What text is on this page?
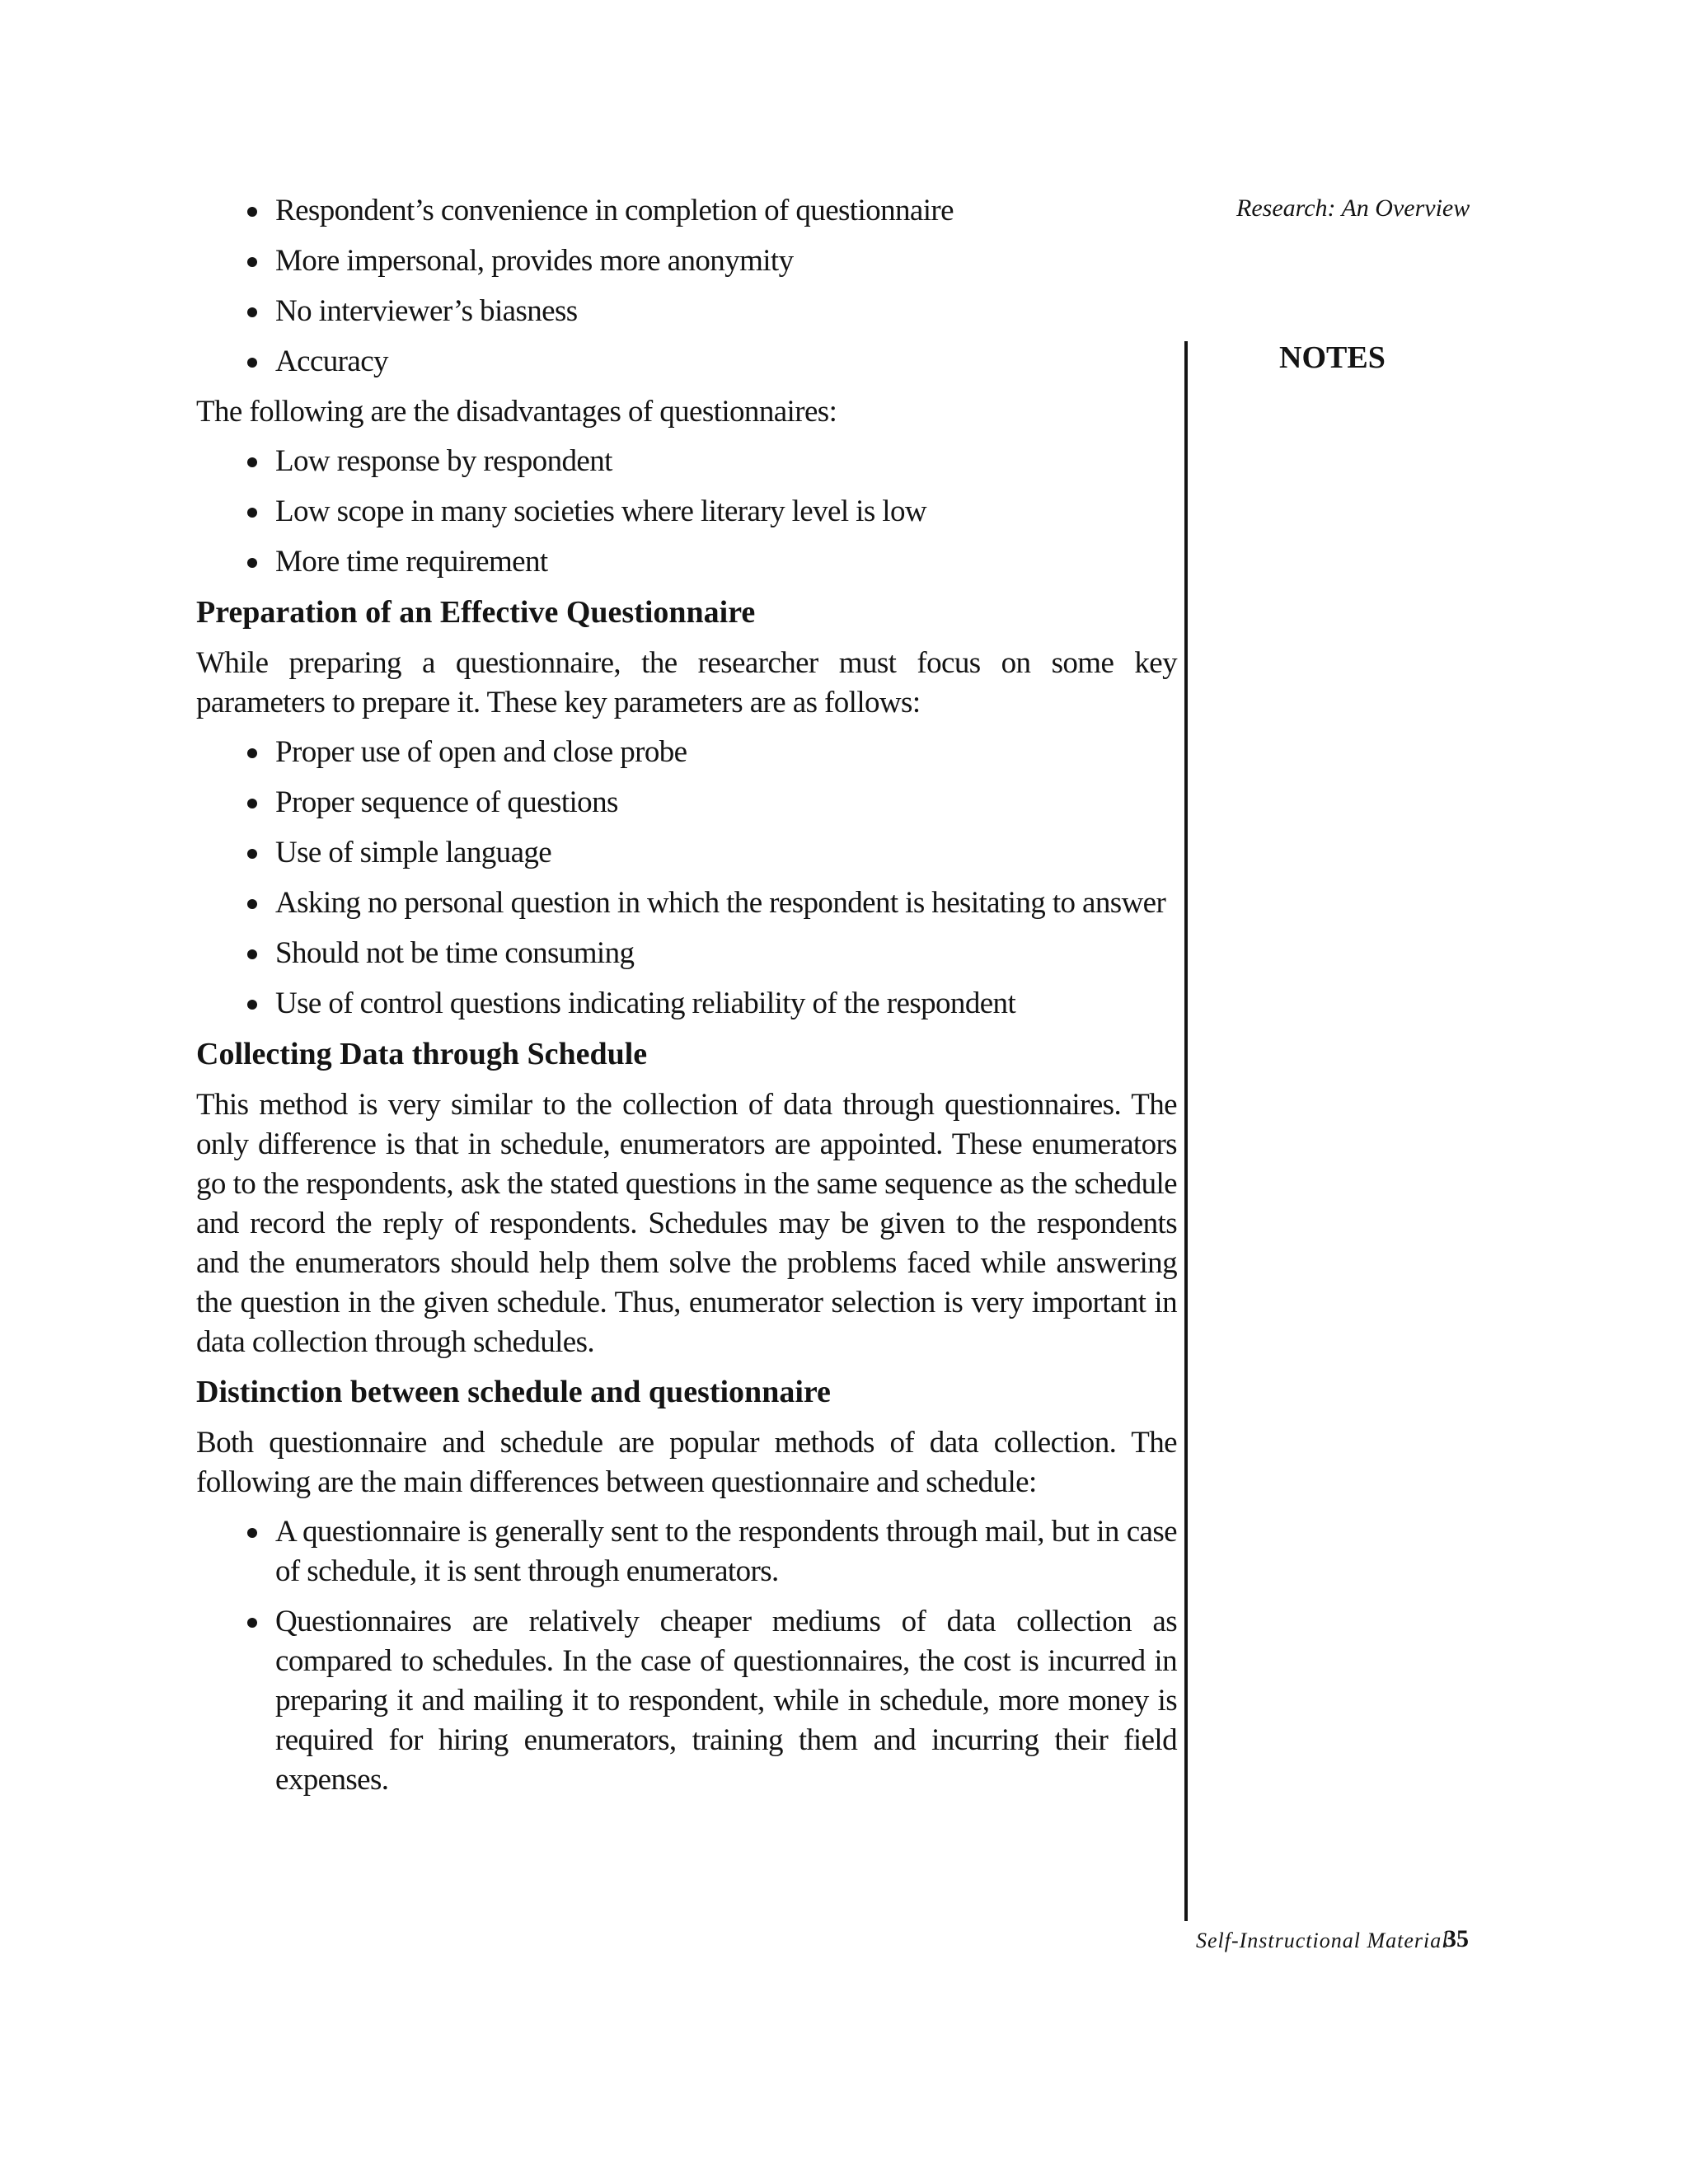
Research: An Overview
NOTES
Respondent’s convenience in completion of questionnaire
More impersonal, provides more anonymity
No interviewer’s biasness
Accuracy

The following are the disadvantages of questionnaires:

Low response by respondent
Low scope in many societies where literary level is low
More time requirement
Preparation of an Effective Questionnaire

While preparing a questionnaire, the researcher must focus on some key parameters to prepare it. These key parameters are as follows:

Proper use of open and close probe
Proper sequence of questions
Use of simple language
Asking no personal question in which the respondent is hesitating to answer
Should not be time consuming
Use of control questions indicating reliability of the respondent
Collecting Data through Schedule

This method is very similar to the collection of data through questionnaires. The only difference is that in schedule, enumerators are appointed. These enumerators go to the respondents, ask the stated questions in the same sequence as the schedule and record the reply of respondents. Schedules may be given to the respondents and the enumerators should help them solve the problems faced while answering the question in the given schedule. Thus, enumerator selection is very important in data collection through schedules.

Distinction between schedule and questionnaire

Both questionnaire and schedule are popular methods of data collection. The following are the main differences between questionnaire and schedule:

A questionnaire is generally sent to the respondents through mail, but in case of schedule, it is sent through enumerators.
Questionnaires are relatively cheaper mediums of data collection as compared to schedules. In the case of questionnaires, the cost is incurred in preparing it and mailing it to respondent, while in schedule, more money is required for hiring enumerators, training them and incurring their field expenses.
Self-Instructional Material
35
